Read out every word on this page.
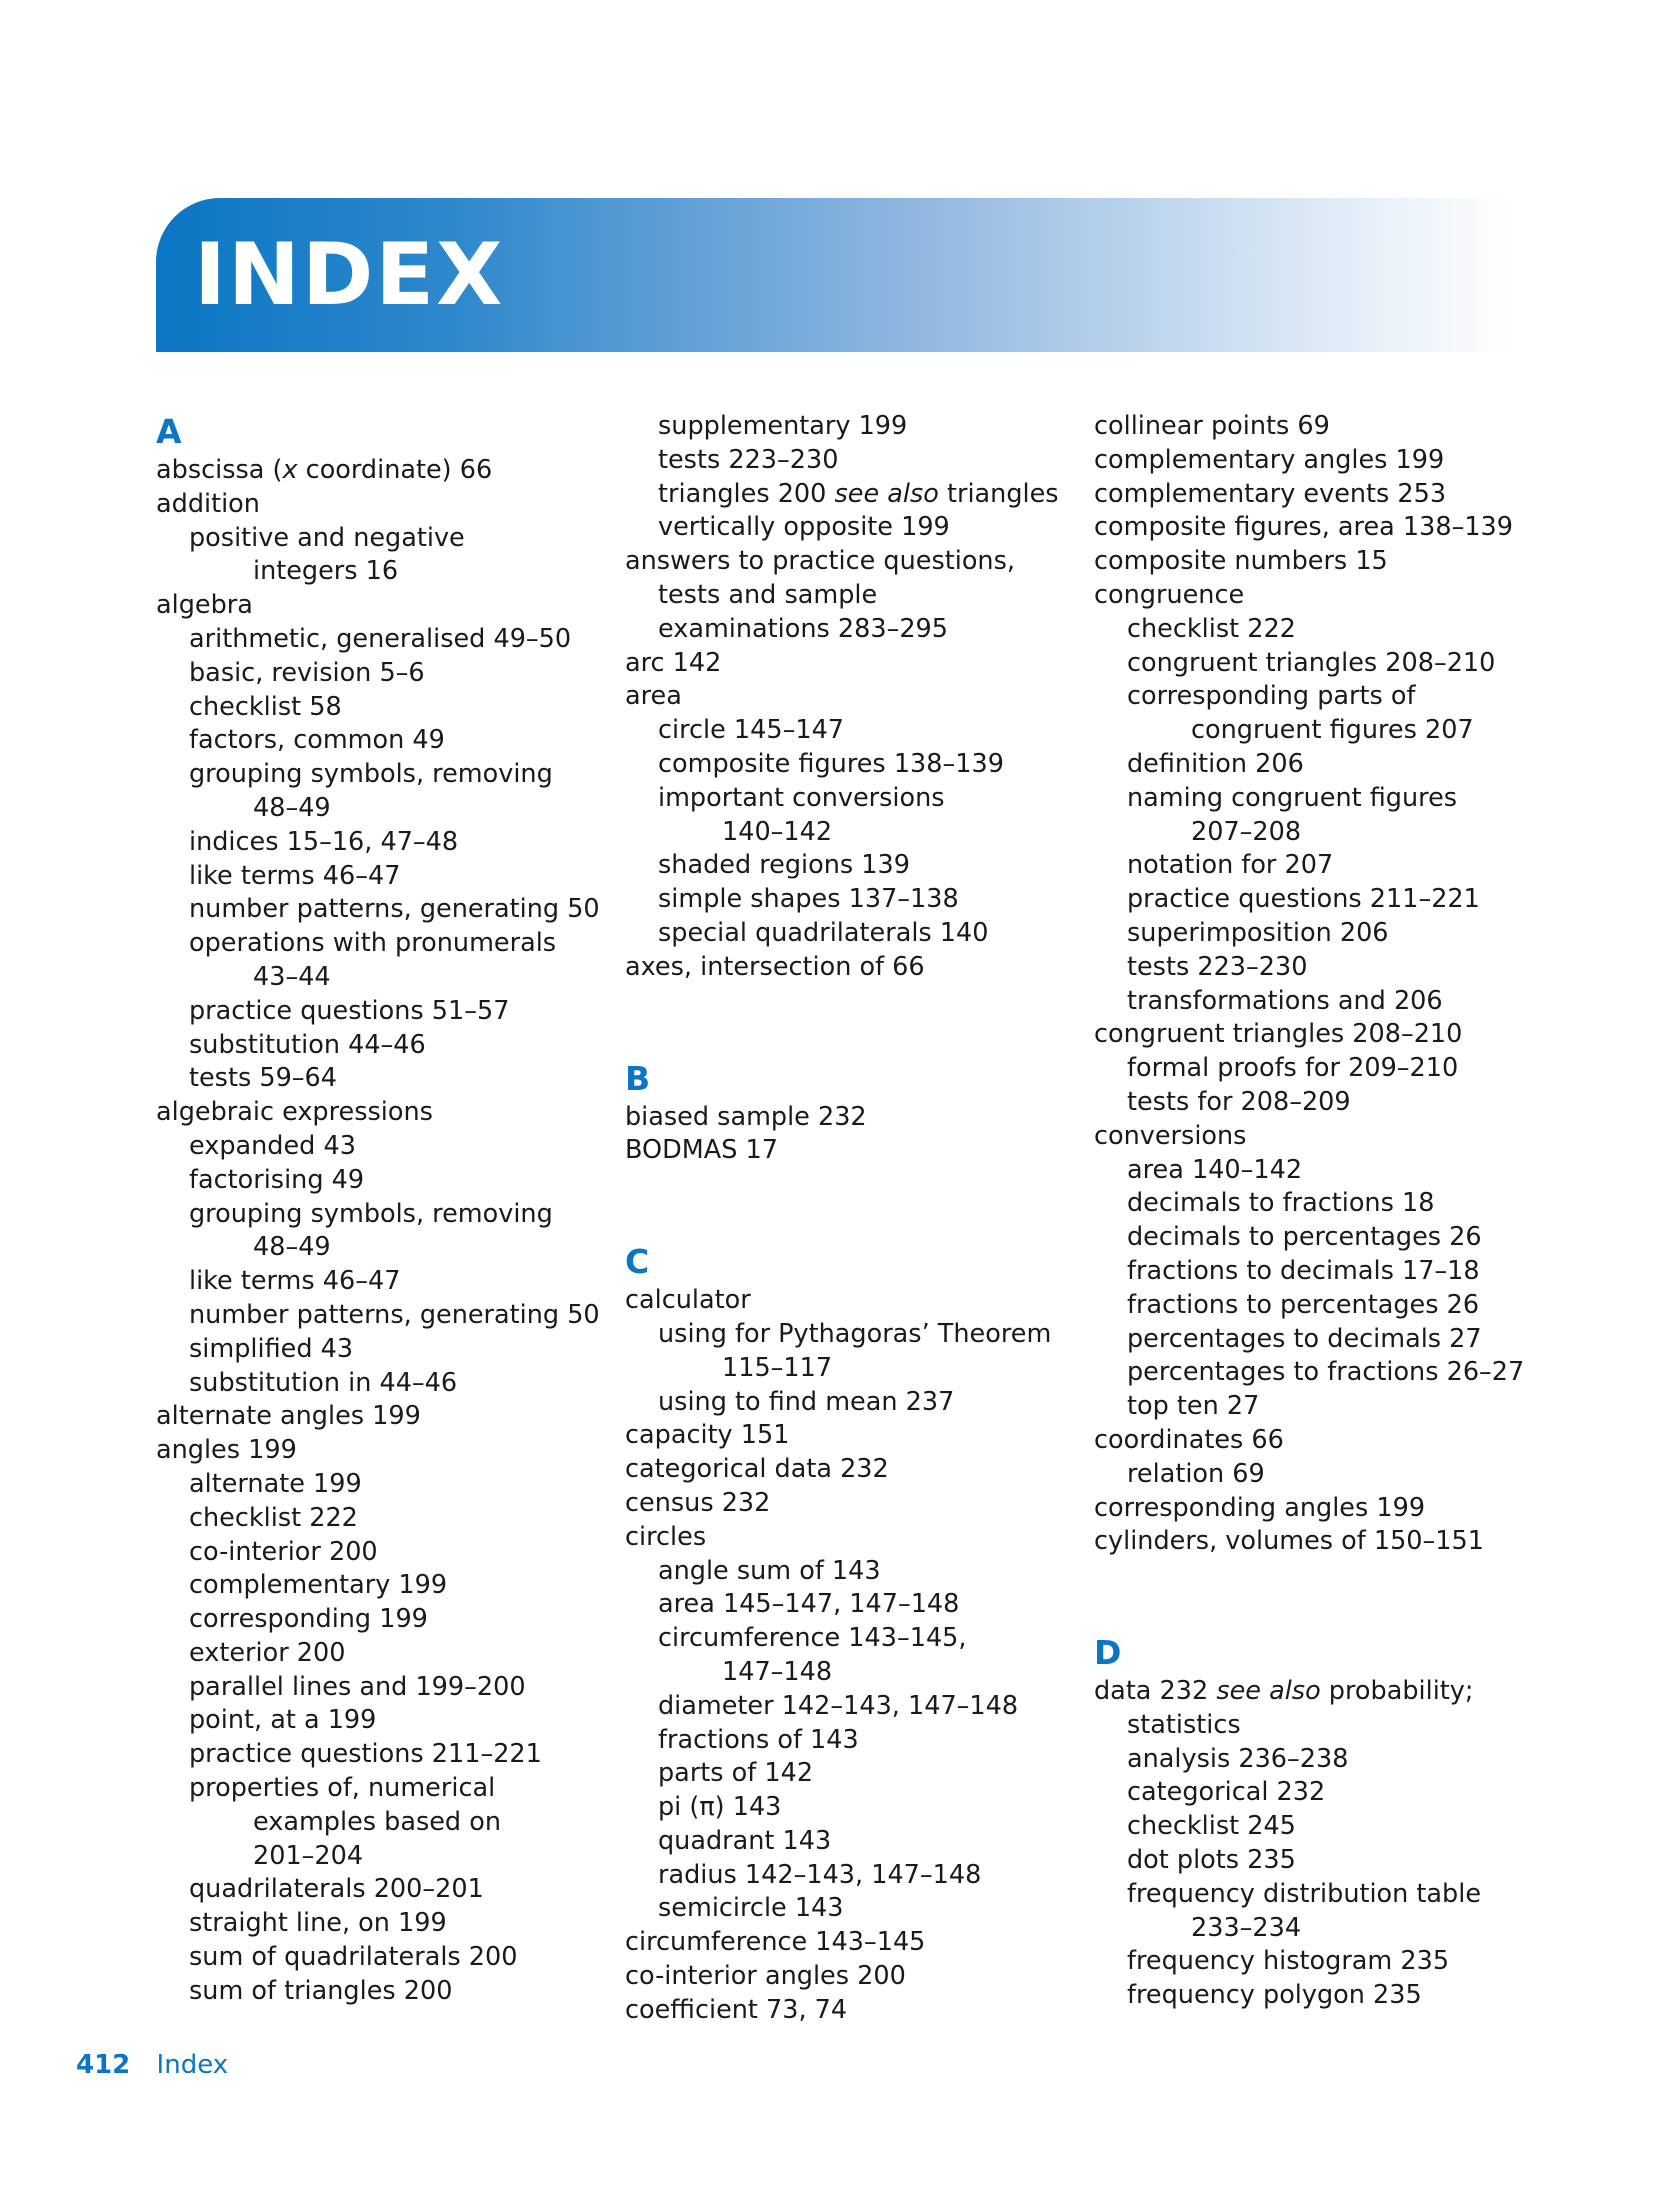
INDEX
A
abscissa (x coordinate) 66
addition
positive and negative
integers 16
algebra
arithmetic, generalised 49–50
basic, revision 5–6
checklist 58
factors, common 49
grouping symbols, removing
48–49
indices 15–16, 47–48
like terms 46–47
number patterns, generating 50
operations with pronumerals
43–44
practice questions 51–57
substitution 44–46
tests 59–64
algebraic expressions
expanded 43
factorising 49
grouping symbols, removing
48–49
like terms 46–47
number patterns, generating 50
simplified 43
substitution in 44–46
alternate angles 199
angles 199
alternate 199
checklist 222
co-interior 200
complementary 199
corresponding 199
exterior 200
parallel lines and 199–200
point, at a 199
practice questions 211–221
properties of, numerical
examples based on
201–204
quadrilaterals 200–201
straight line, on 199
sum of quadrilaterals 200
sum of triangles 200
supplementary 199
tests 223–230
triangles 200 see also triangles
vertically opposite 199
answers to practice questions,
tests and sample
examinations 283–295
arc 142
area
circle 145–147
composite figures 138–139
important conversions
140–142
shaded regions 139
simple shapes 137–138
special quadrilaterals 140
axes, intersection of 66
B
biased sample 232
BODMAS 17
C
calculator
using for Pythagoras’ Theorem
115–117
using to find mean 237
capacity 151
categorical data 232
census 232
circles
angle sum of 143
area 145–147, 147–148
circumference 143–145,
147–148
diameter 142–143, 147–148
fractions of 143
parts of 142
pi (π) 143
quadrant 143
radius 142–143, 147–148
semicircle 143
circumference 143–145
co-interior angles 200
coefficient 73, 74
collinear points 69
complementary angles 199
complementary events 253
composite figures, area 138–139
composite numbers 15
congruence
checklist 222
congruent triangles 208–210
corresponding parts of
congruent figures 207
definition 206
naming congruent figures
207–208
notation for 207
practice questions 211–221
superimposition 206
tests 223–230
transformations and 206
congruent triangles 208–210
formal proofs for 209–210
tests for 208–209
conversions
area 140–142
decimals to fractions 18
decimals to percentages 26
fractions to decimals 17–18
fractions to percentages 26
percentages to decimals 27
percentages to fractions 26–27
top ten 27
coordinates 66
relation 69
corresponding angles 199
cylinders, volumes of 150–151
D
data 232 see also probability;
statistics
analysis 236–238
categorical 232
checklist 245
dot plots 235
frequency distribution table
233–234
frequency histogram 235
frequency polygon 235
412 Index
